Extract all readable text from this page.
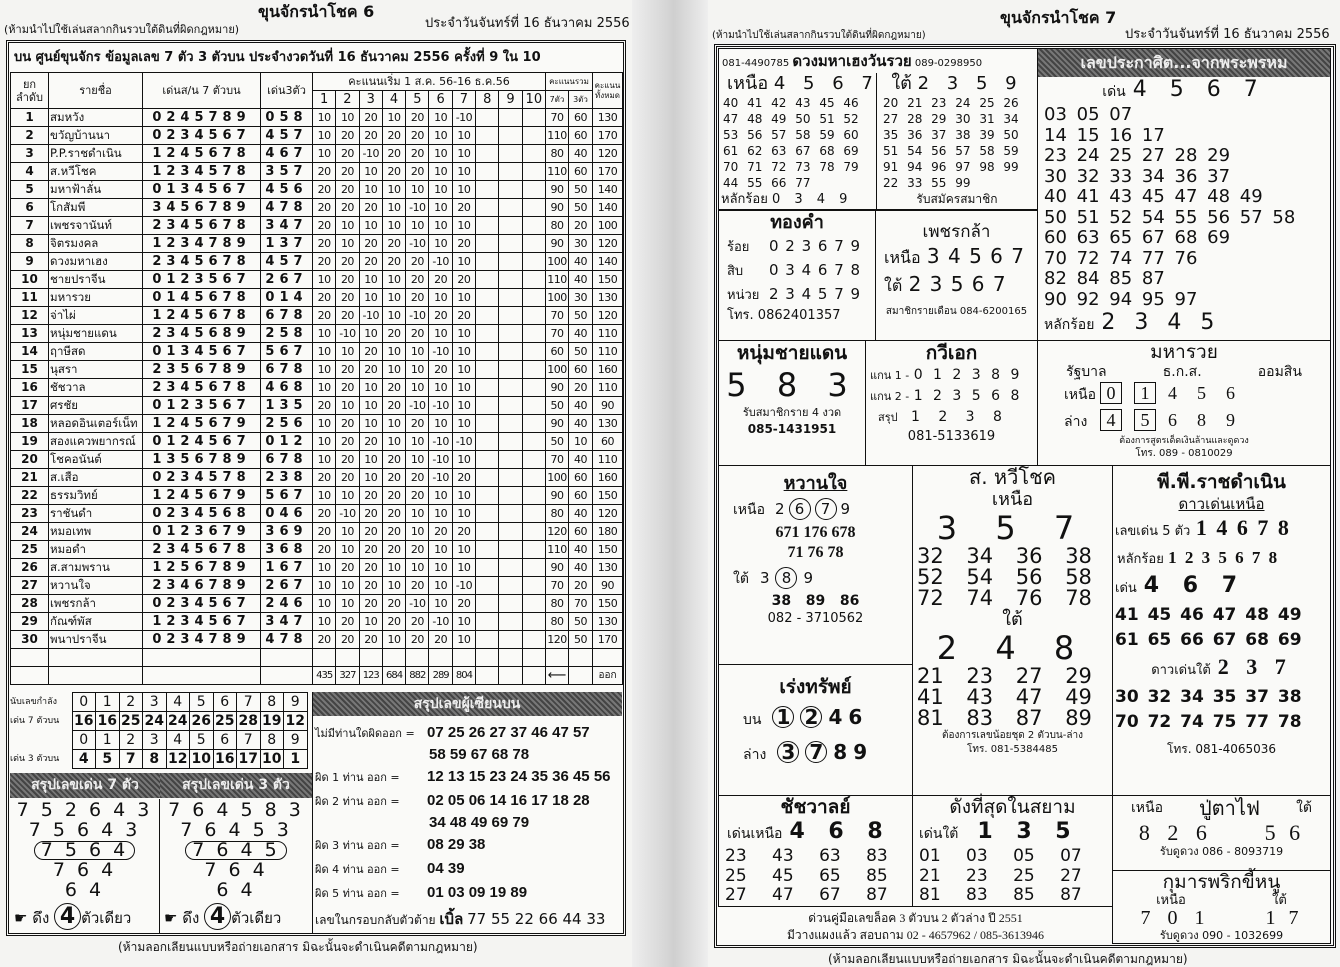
(ห้ามนำไปใช้เล่นสลากกินรวบใต้ดินที่ผิดกฎหมาย)
ขุนจักรนำโชค 6
ประจำวันจันทร์ที่ 16 ธันวาคม 2556
บน ศูนย์ขุนจักร ข้อมูลเลข 7 ตัว 3 ตัวบน ประจำงวดวันที่ 16 ธันวาคม 2556 ครั้งที่ 9 ใน 10
ยก ลำดับ	รายชื่อ	เด่นส/น 7 ตัวบน	เด่น3ตัว	คะแนนเริ่ม 1 ส.ค. 56-16 ธ.ค.56										คะแนนรวม		คะแนนทั้งหมด
				1	2	3	4	5	6	7	8	9	10	7ตัว	3ตัว	
1	สมหวัง	0245789	058	10	10	20	10	20	10	-10				70	60	130
2	ขวัญบ้านนา	0234567	457	10	20	20	20	20	10	10				110	60	170
3	P.P.ราชดำเนิน	1245678	467	10	20	-10	20	20	10	10				80	40	120
4	ส.หวีโชค	1234578	357	20	20	10	20	20	10	10				110	60	170
5	มหาฟ้าลั่น	0134567	456	20	20	10	10	10	10	10				90	50	140
6	โกสัมพี	3456789	478	20	20	20	10	-10	10	20				90	50	140
7	เพชรจานันท์	2345678	347	20	10	10	10	10	10	10				80	20	100
8	จิตรมงคล	1234789	137	20	10	20	20	-10	10	20				90	30	120
9	ดวงมหาเฮง	2345678	457	20	20	20	20	20	-10	10				100	40	140
10	ชายปราจีน	0123567	267	10	20	10	10	20	20	20				110	40	150
11	มหารวย	0145678	014	20	20	10	10	20	10	10				100	30	130
12	จ่าไผ่	1245678	678	20	20	-10	10	-10	20	20				70	50	120
13	หนุ่มชายแดน	2345689	258	10	-10	10	20	20	10	10				70	40	110
14	ฤาษีสด	0134567	567	10	10	20	10	10	-10	10				60	50	110
15	นุสรา	2356789	678	10	20	20	10	10	20	10				100	60	160
16	ชัชวาล	2345678	468	10	20	10	20	10	10	10				90	20	110
17	ศรชัย	0123567	135	20	10	10	20	-10	-10	10				50	40	90
18	หลอดอินเตอร์เน็ท	1245679	256	10	20	10	10	20	10	10				90	40	130
19	สองแควพยากรณ์	0124567	012	10	20	20	10	10	-10	-10				50	10	60
20	โชคอนันต์	1356789	678	10	20	10	20	10	-10	10				70	40	110
21	ส.เสือ	0234578	238	20	20	10	20	20	-10	20				100	60	160
22	ธรรมวิทย์	1245679	567	10	10	20	20	20	10	10				90	60	150
23	ราชันดำ	0234568	046	20	-10	20	20	10	10	10				80	40	120
24	หมอเทพ	0123679	369	20	10	20	20	10	20	20				120	60	180
25	หมอดำ	2345678	368	20	10	20	20	20	10	10				110	40	150
26	ส.สามพราน	1256789	167	10	20	20	10	10	10	10				90	40	130
27	หวานใจ	2346789	267	10	10	20	10	20	10	-10				70	20	90
28	เพชรกล้า	0234567	246	10	10	20	20	-10	10	20				80	70	150
29	กัณฑ์พัส	1234567	347	10	20	10	20	20	-10	10				80	50	130
30	พนาปราจีน	0234789	478	20	20	20	10	20	20	10				120	50	170

				435	327	123	684	882	289	804				⟵		ออก
นับเลขกำลัง	0	1	2	3	4	5	6	7	8	9
เด่น 7 ตัวบน	16	16	25	24	24	26	25	28	19	12
	0	1	2	3	4	5	6	7	8	9
เด่น 3 ตัวบน	4	5	7	8	12	10	16	17	10	1
สรุปเลขเด่น 7 ตัว	สรุปเลขเด่น 3 ตัว
สรุปเลขผู้เซียนบน
7 5 2 6 4 3
7 5 6 4 3
7 5 6 4
7 6 4
6 4
☛ ดึง 4 ตัวเดียว
7 6 4 5 8 3
7 6 4 5 3
7 6 4 5
7 6 4
6 4
☛ ดึง 4 ตัวเดียว
ไม่มีท่านใดผิดออก = 07 25 26 27 37 46 47 57
58 59 67 68 78
ผิด 1 ท่าน ออก = 12 13 15 23 24 35 36 45 56
ผิด 2 ท่าน ออก = 02 05 06 14 16 17 18 28
34 48 49 69 79
ผิด 3 ท่าน ออก = 08 29 38
ผิด 4 ท่าน ออก = 04 39
ผิด 5 ท่าน ออก = 01 03 09 19 89
เลขในกรอบกลับตัวต้าย เบิ้ล 77 55 22 66 44 33
(ห้ามลอกเลียนแบบหรือถ่ายเอกสาร มิฉะนั้นจะดำเนินคดีตามกฎหมาย)
(ห้ามนำไปใช้เล่นสลากกินรวบใต้ดินที่ผิดกฎหมาย)
ขุนจักรนำโชค 7
ประจำวันจันทร์ที่ 16 ธันวาคม 2556
081-4490785 ดวงมหาเฮงวันรวย 089-0298950
เหนือ 4 5 6 7
40 41 42 43 45 46
47 48 49 50 51 52
53 56 57 58 59 60
61 62 63 67 68 69
70 71 72 73 78 79
44 55 66 77
หลักร้อย 0 3 4 9
ใต้ 2 3 5 9
20 21 23 24 25 26
27 28 29 30 31 34
35 36 37 38 39 50
51 54 56 57 58 59
91 94 96 97 98 99
22 33 55 99
รับสมัครสมาชิก
เลขประกาศิต...จากพระพรหม
เด่น 4 5 6 7
03 05 07
14 15 16 17
23 24 25 27 28 29
30 32 33 34 36 37
40 41 43 45 47 48 49
50 51 52 54 55 56 57 58
60 63 65 67 68 69
70 72 74 77 76
82 84 85 87
90 92 94 95 97
หลักร้อย 2 3 4 5
ทองคำ
ร้อย 0 2 3 6 7 9
สิบ 0 3 4 6 7 8
หน่วย 2 3 4 5 7 9
โทร. 0862401357
เพชรกล้า
เหนือ 3 4 5 6 7
ใต้ 2 3 5 6 7
สมาชิกรายเดือน 084-6200165
หนุ่มชายแดน
5 8 3
รับสมาชิกราย 4 งวด
085-1431951
กวีเอก
แกน 1 - 0 1 2 3 8 9
แกน 2 - 1 2 3 5 6 8
สรุป 1 2 3 8
081-5133619
มหารวย
รัฐบาล	ธ.ก.ส.	ออมสิน
เหนือ 0 1 4 5 6
ล่าง 4 5 6 8 9
ต้องการสูตรเด็ดเงินล้านและดูดวง
โทร. 089 - 0810029
หวานใจ
เหนือ 2 6 7 9
671 176 678
71 76 78
ใต้ 3 8 9
38   89   86
082 - 3710562
เร่งทรัพย์
บน 1 2 4 6
ล่าง 3 7 8 9
ส. หวีโชค
เหนือ
3 5 7
32 34 36 38
52 54 56 58
72 74 76 78
ใต้
2 4 8
21 23 27 29
41 43 47 49
81 83 87 89
ต้องการเลขน้อยชุด 2 ตัวบน-ล่าง
โทร. 081-5384485
พี.พี.ราชดำเนิน
ดาวเด่นเหนือ
เลขเด่น 5 ตัว 1 4 6 7 8
หลักร้อย 1 2 3 5 6 7 8
เด่น 4 6 7
41 45 46 47 48 49
61 65 66 67 68 69
ดาวเด่นใต้ 2 3 7
30 32 34 35 37 38
70 72 74 75 77 78
โทร. 081-4065036
ชัชวาลย์
เด่นเหนือ 4 6 8
23 43 63 83
25 45 65 85
27 47 67 87
ดังที่สุดในสยาม
เด่นใต้ 1 3 5
01 03 05 07
21 23 25 27
81 83 85 87
ด่วนคู่มือเลขล็อค 3 ตัวบน 2 ตัวล่าง ปี 2551
มีวางแผงแล้ว สอบถาม 02 - 4657962 / 085-3613946
เหนือ ปู่ตาไฟ	ใต้
8 2 6 5 6
รับดูดวง 086 - 8093719
กุมารพริกขี้หนู
เหนือ	ใต้
7 0 1	1 7
รับดูดวง 090 - 1032699
(ห้ามลอกเลียนแบบหรือถ่ายเอกสาร มิฉะนั้นจะดำเนินคดีตามกฎหมาย)
